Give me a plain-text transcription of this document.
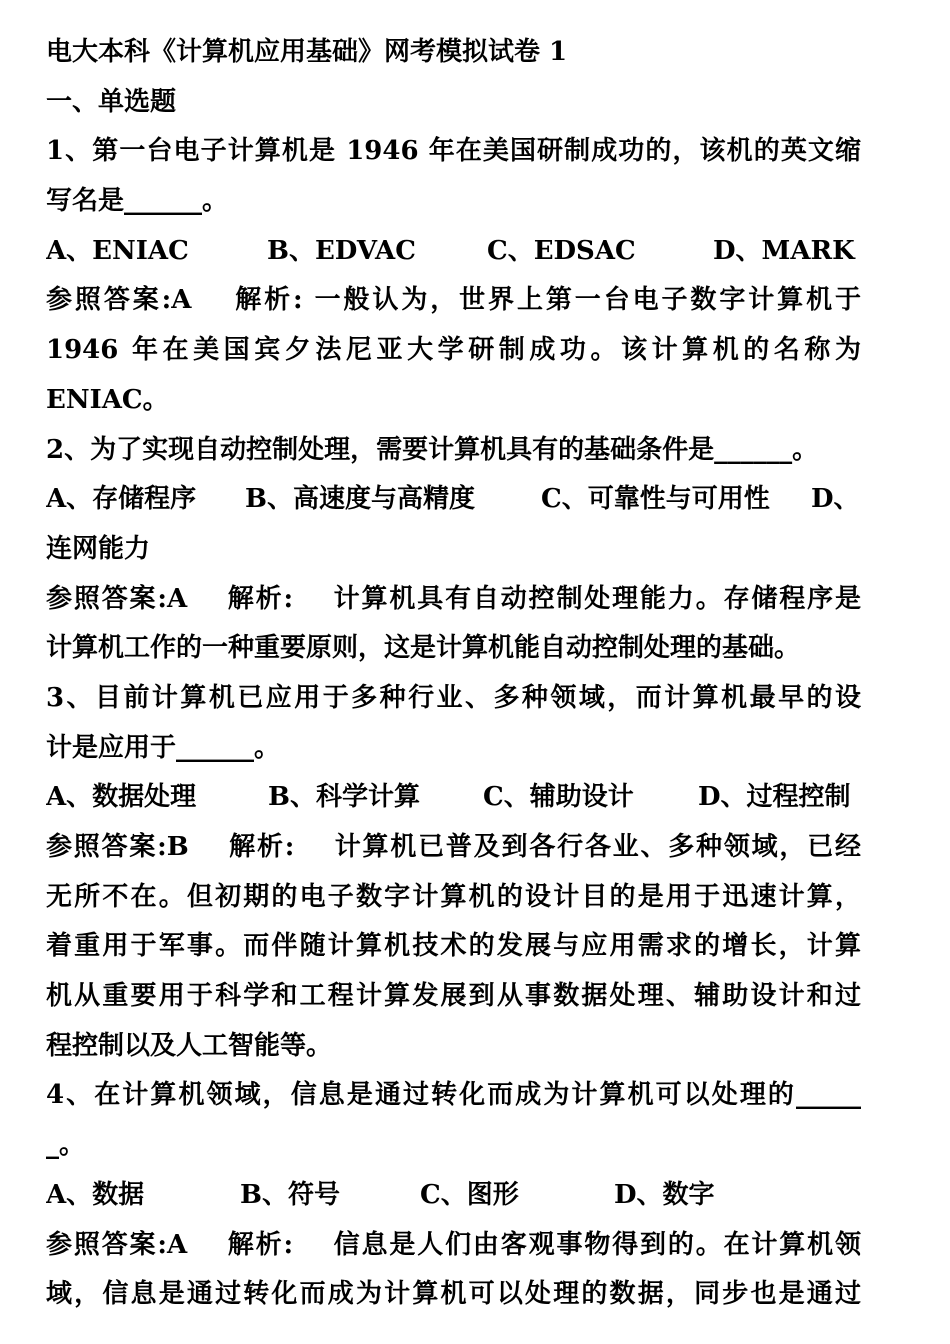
电大本科《计算机应用基础》网考模拟试卷 1
一、单选题
1、第一台电子计算机是 1946 年在美国研制成功的，该机的英文缩
写名是______。
A、ENIAC	B、EDVAC	C、EDSAC	D、MARK
参照答案:A　 解析: 一般认为，世界上第一台电子数字计算机于
1946 年在美国宾夕法尼亚大学研制成功。该计算机的名称为
ENIAC。
2、为了实现自动控制处理，需要计算机具有的基础条件是______。
A、存储程序 B、高速度与高精度	C、可靠性与可用性 D、
连网能力
参照答案:A　 解析:　 计算机具有自动控制处理能力。存储程序是
计算机工作的一种重要原则，这是计算机能自动控制处理的基础。
3、目前计算机已应用于多种行业、多种领域，而计算机最早的设
计是应用于______。
A、数据处理	B、科学计算 C、辅助设计 D、过程控制
参照答案:B　 解析:　 计算机已普及到各行各业、多种领域，已经
无所不在。但初期的电子数字计算机的设计目的是用于迅速计算，
着重用于军事。而伴随计算机技术的发展与应用需求的增长，计算
机从重要用于科学和工程计算发展到从事数据处理、辅助设计和过
程控制以及人工智能等。
4、在计算机领域，信息是通过转化而成为计算机可以处理的_____
_。
A、数据	B、符号	C、图形	D、数字
参照答案:A　 解析:　 信息是人们由客观事物得到的。在计算机领
域，信息是通过转化而成为计算机可以处理的数据，同步也是通过
